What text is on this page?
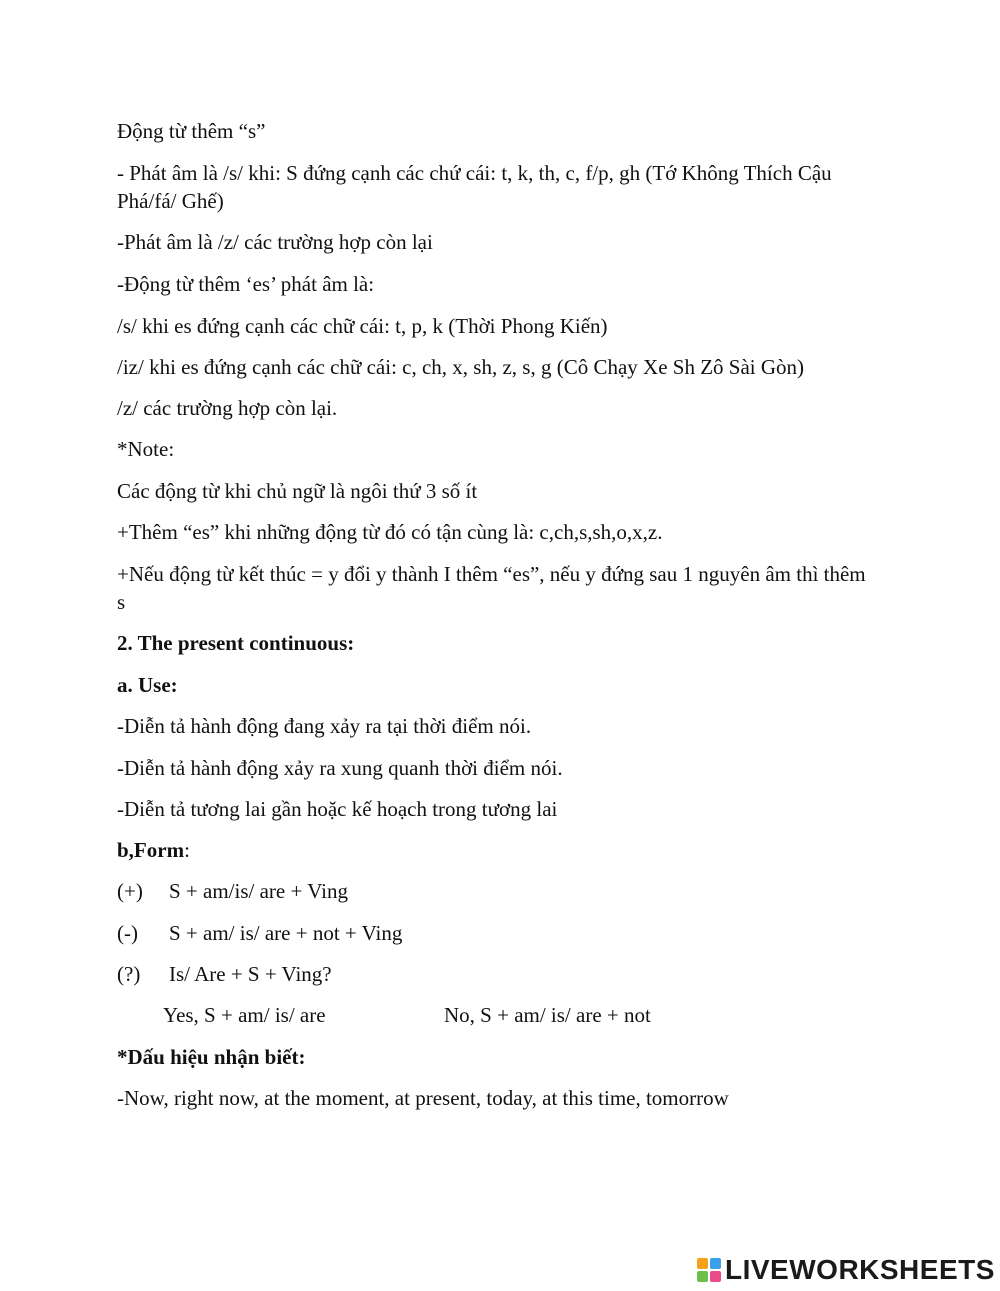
Động từ thêm “s”
- Phát âm là /s/ khi: S đứng cạnh các chứ cái: t, k, th, c, f/p, gh (Tớ Không Thích Cậu Phá/fá/ Ghế)
-Phát âm là /z/ các trường hợp còn lại
-Động từ thêm ‘es’ phát âm là:
/s/ khi es đứng cạnh các chữ cái: t, p, k (Thời Phong Kiến)
/iz/ khi es đứng cạnh các chữ cái: c, ch, x, sh, z, s, g (Cô Chạy Xe Sh Zô Sài Gòn)
/z/ các trường hợp còn lại.
*Note:
Các động từ khi chủ ngữ là ngôi thứ 3 số ít
+Thêm “es” khi những động từ đó có tận cùng là: c,ch,s,sh,o,x,z.
+Nếu động từ kết thúc = y đổi y thành I thêm “es”, nếu y đứng sau 1 nguyên âm thì thêm s
2. The present continuous:
a. Use:
-Diễn tả hành động đang xảy ra tại thời điểm nói.
-Diễn tả hành động xảy ra xung quanh thời điểm nói.
-Diễn tả tương lai gần hoặc kế hoạch trong tương lai
b,Form:
(+) S + am/is/ are + Ving
(-) S + am/ is/ are + not + Ving
(?) Is/ Are + S + Ving?
Yes, S + am/ is/ are	No, S + am/ is/ are + not
*Dấu hiệu nhận biết:
-Now, right now, at the moment, at present, today, at this time, tomorrow
LIVEWORKSHEETS
